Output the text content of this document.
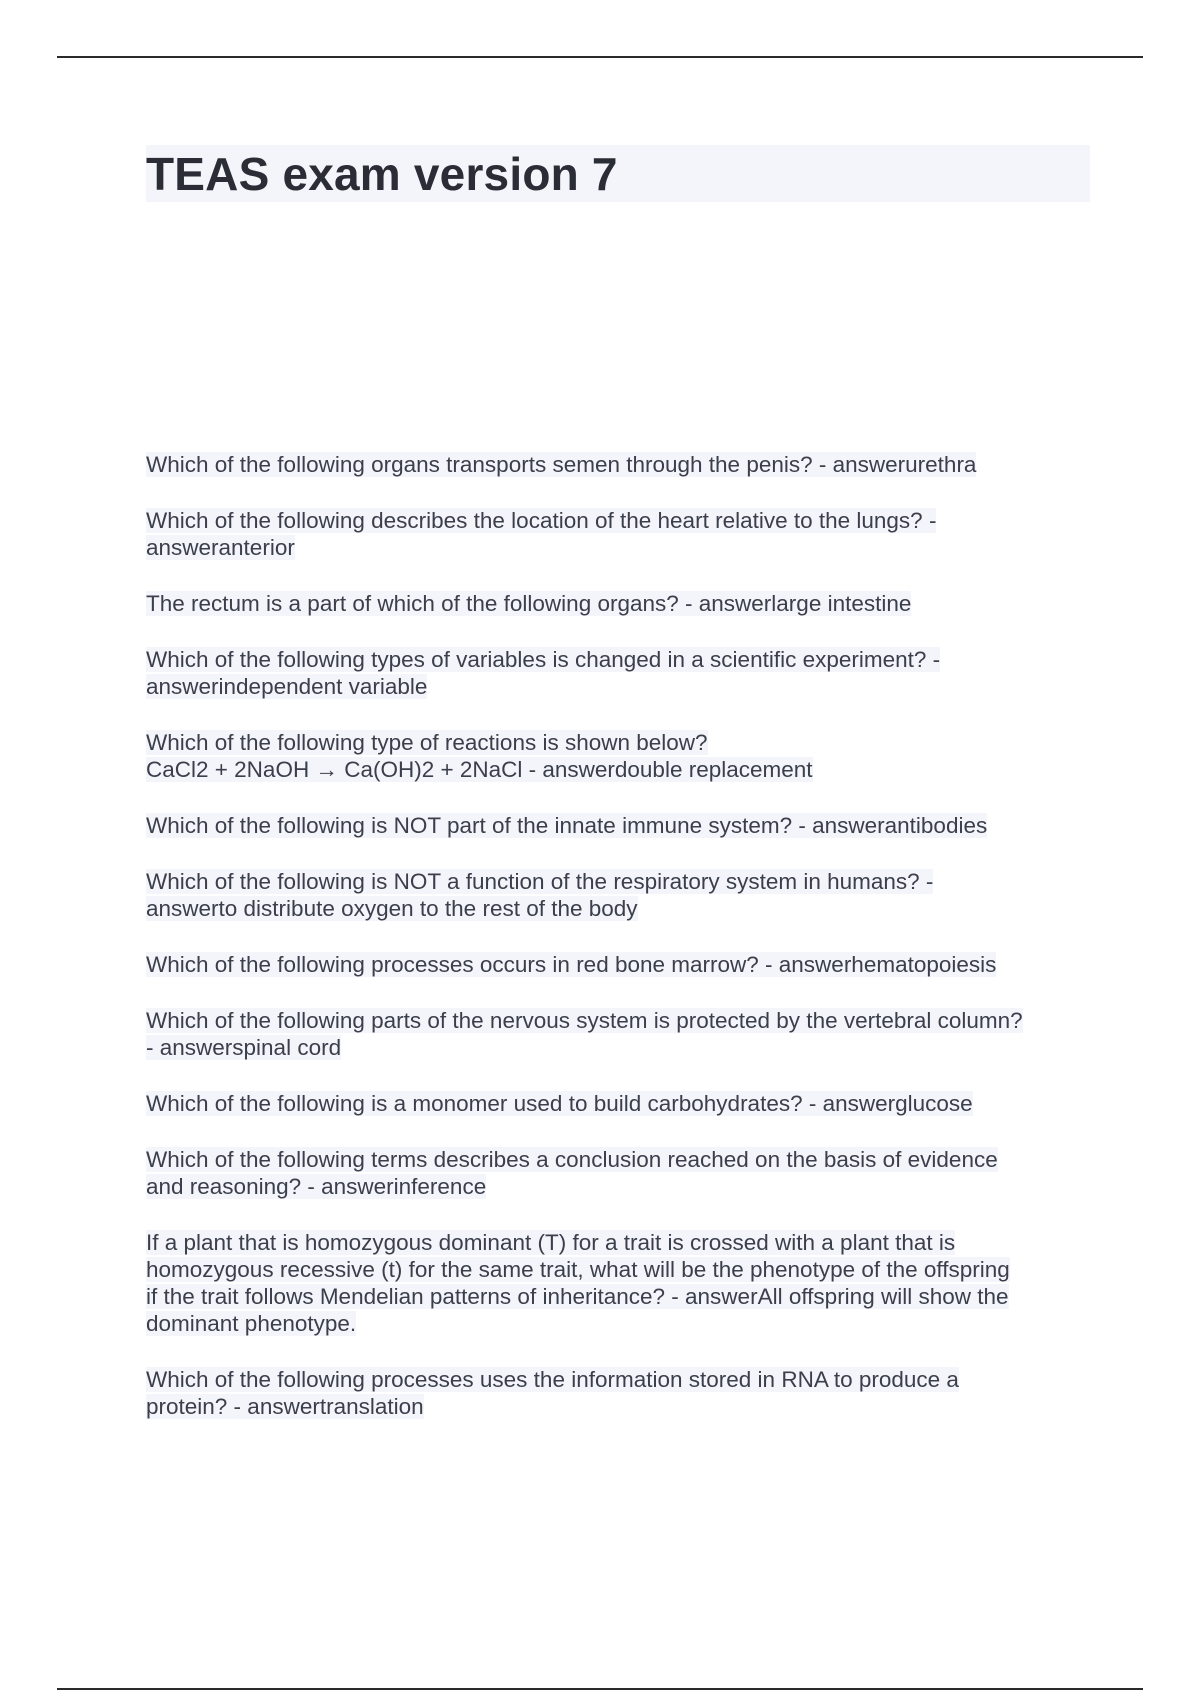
TEAS exam version 7
Which of the following organs transports semen through the penis? - answerurethra
Which of the following describes the location of the heart relative to the lungs? -
answeranterior
The rectum is a part of which of the following organs? - answerlarge intestine
Which of the following types of variables is changed in a scientific experiment? -
answerindependent variable
Which of the following type of reactions is shown below?
CaCl2 + 2NaOH → Ca(OH)2 + 2NaCl - answerdouble replacement
Which of the following is NOT part of the innate immune system? - answerantibodies
Which of the following is NOT a function of the respiratory system in humans? -
answerto distribute oxygen to the rest of the body
Which of the following processes occurs in red bone marrow? - answerhematopoiesis
Which of the following parts of the nervous system is protected by the vertebral column?
- answerspinal cord
Which of the following is a monomer used to build carbohydrates? - answerglucose
Which of the following terms describes a conclusion reached on the basis of evidence
and reasoning? - answerinference
If a plant that is homozygous dominant (T) for a trait is crossed with a plant that is
homozygous recessive (t) for the same trait, what will be the phenotype of the offspring
if the trait follows Mendelian patterns of inheritance? - answerAll offspring will show the
dominant phenotype.
Which of the following processes uses the information stored in RNA to produce a
protein? - answertranslation
